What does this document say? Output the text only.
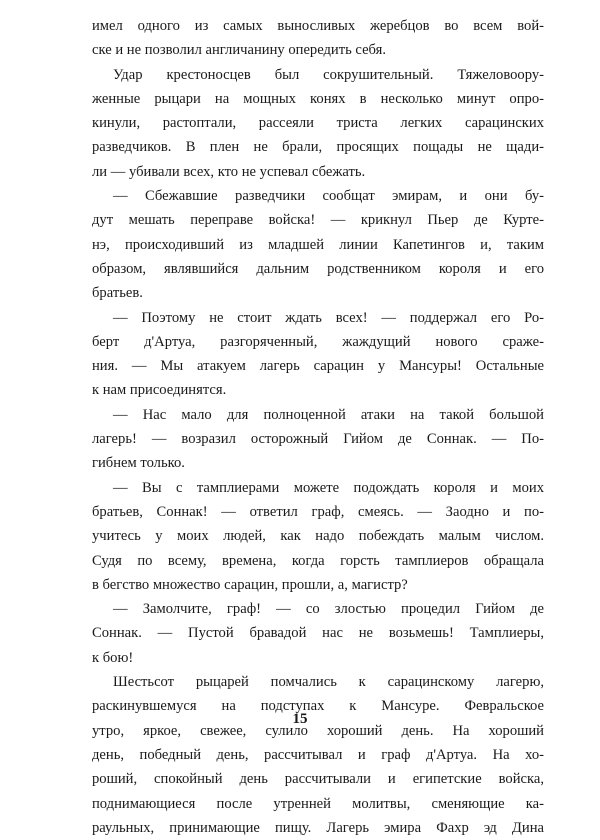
имел одного из самых выносливых жеребцов во всем вой-
ске и не позволил англичанину опередить себя.
Удар крестоносцев был сокрушительный. Тяжеловоору-
женные рыцари на мощных конях в несколько минут опро-
кинули, растоптали, рассеяли триста легких сарацинских
разведчиков. В плен не брали, просящих пощады не щади-
ли — убивали всех, кто не успевал сбежать.
— Сбежавшие разведчики сообщат эмирам, и они бу-
дут мешать переправе войска! — крикнул Пьер де Куртe-
нэ, происходивший из младшей линии Капетингов и, таким
образом, являвшийся дальним родственником короля и его
братьев.
— Поэтому не стоит ждать всех! — поддержал его Ро-
берт д'Артуа, разгоряченный, жаждущий нового сраже-
ния. — Мы атакуем лагерь сарацин у Мансуры! Остальные
к нам присоединятся.
— Нас мало для полноценной атаки на такой большой
лагерь! — возразил осторожный Гийом де Соннак. — По-
гибнем только.
— Вы с тамплиерами можете подождать короля и моих
братьев, Соннак! — ответил граф, смеясь. — Заодно и по-
учитесь у моих людей, как надо побеждать малым числом.
Судя по всему, времена, когда горсть тамплиеров обращала
в бегство множество сарацин, прошли, а, магистр?
— Замолчите, граф! — со злостью процедил Гийом де
Соннак. — Пустой бравадой нас не возьмешь! Тамплиеры,
к бою!
Шестьсот рыцарей помчались к сарацинскому лагерю,
раскинувшемуся на подступах к Мансуре. Февральское
утро, яркое, свежее, сулило хороший день. На хороший
день, победный день, рассчитывал и граф д'Артуа. На хо-
роший, спокойный день рассчитывали и египетские войска,
поднимающиеся после утренней молитвы, сменяющие ка-
раульных, принимающие пищу. Лагерь эмира Фахр эд Дина
15
